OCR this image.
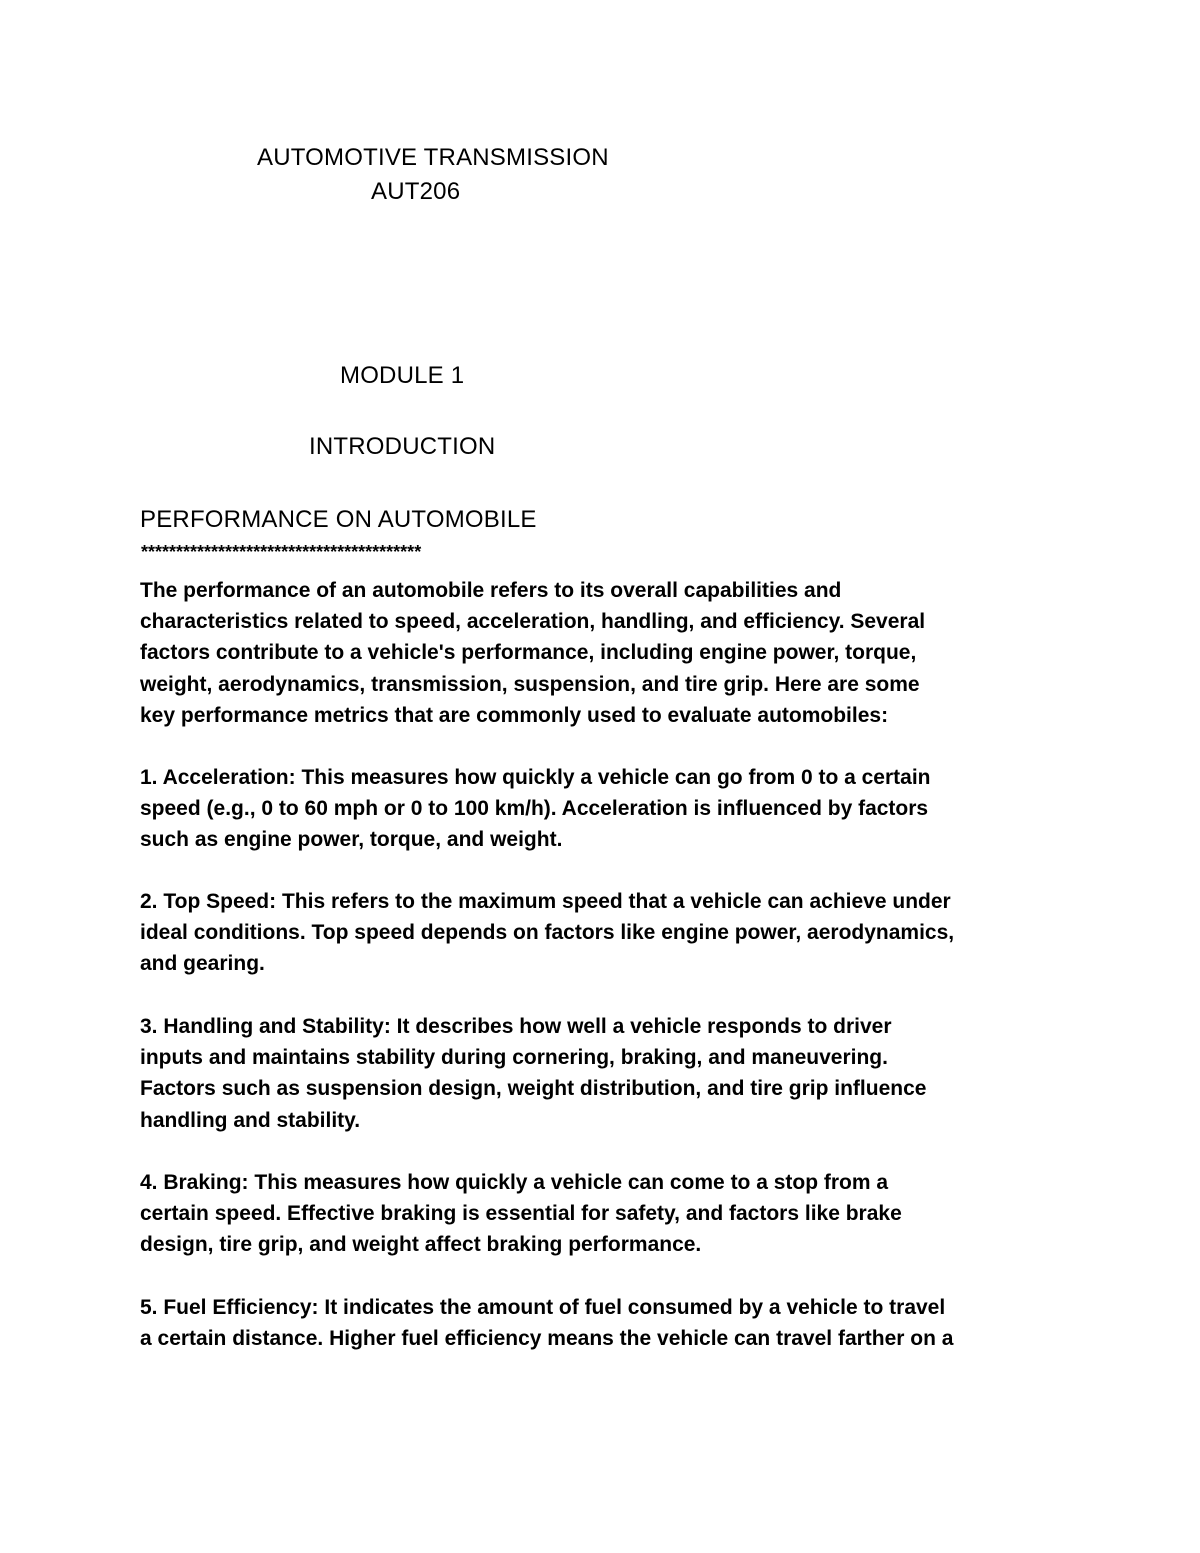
AUTOMOTIVE TRANSMISSION
AUT206
MODULE 1
INTRODUCTION
PERFORMANCE ON AUTOMOBILE
****************************************

The performance of an automobile refers to its overall capabilities and

characteristics related to speed, acceleration, handling, and efficiency. Several

factors contribute to a vehicle's performance, including engine power, torque,

weight, aerodynamics, transmission, suspension, and tire grip. Here are some

key performance metrics that are commonly used to evaluate automobiles:

1. Acceleration: This measures how quickly a vehicle can go from 0 to a certain

speed (e.g., 0 to 60 mph or 0 to 100 km/h). Acceleration is influenced by factors

such as engine power, torque, and weight.

2. Top Speed: This refers to the maximum speed that a vehicle can achieve under

ideal conditions. Top speed depends on factors like engine power, aerodynamics,

and gearing.

3. Handling and Stability: It describes how well a vehicle responds to driver

inputs and maintains stability during cornering, braking, and maneuvering.

Factors such as suspension design, weight distribution, and tire grip influence

handling and stability.

4. Braking: This measures how quickly a vehicle can come to a stop from a

certain speed. Effective braking is essential for safety, and factors like brake

design, tire grip, and weight affect braking performance.

5. Fuel Efficiency: It indicates the amount of fuel consumed by a vehicle to travel

a certain distance. Higher fuel efficiency means the vehicle can travel farther on a
